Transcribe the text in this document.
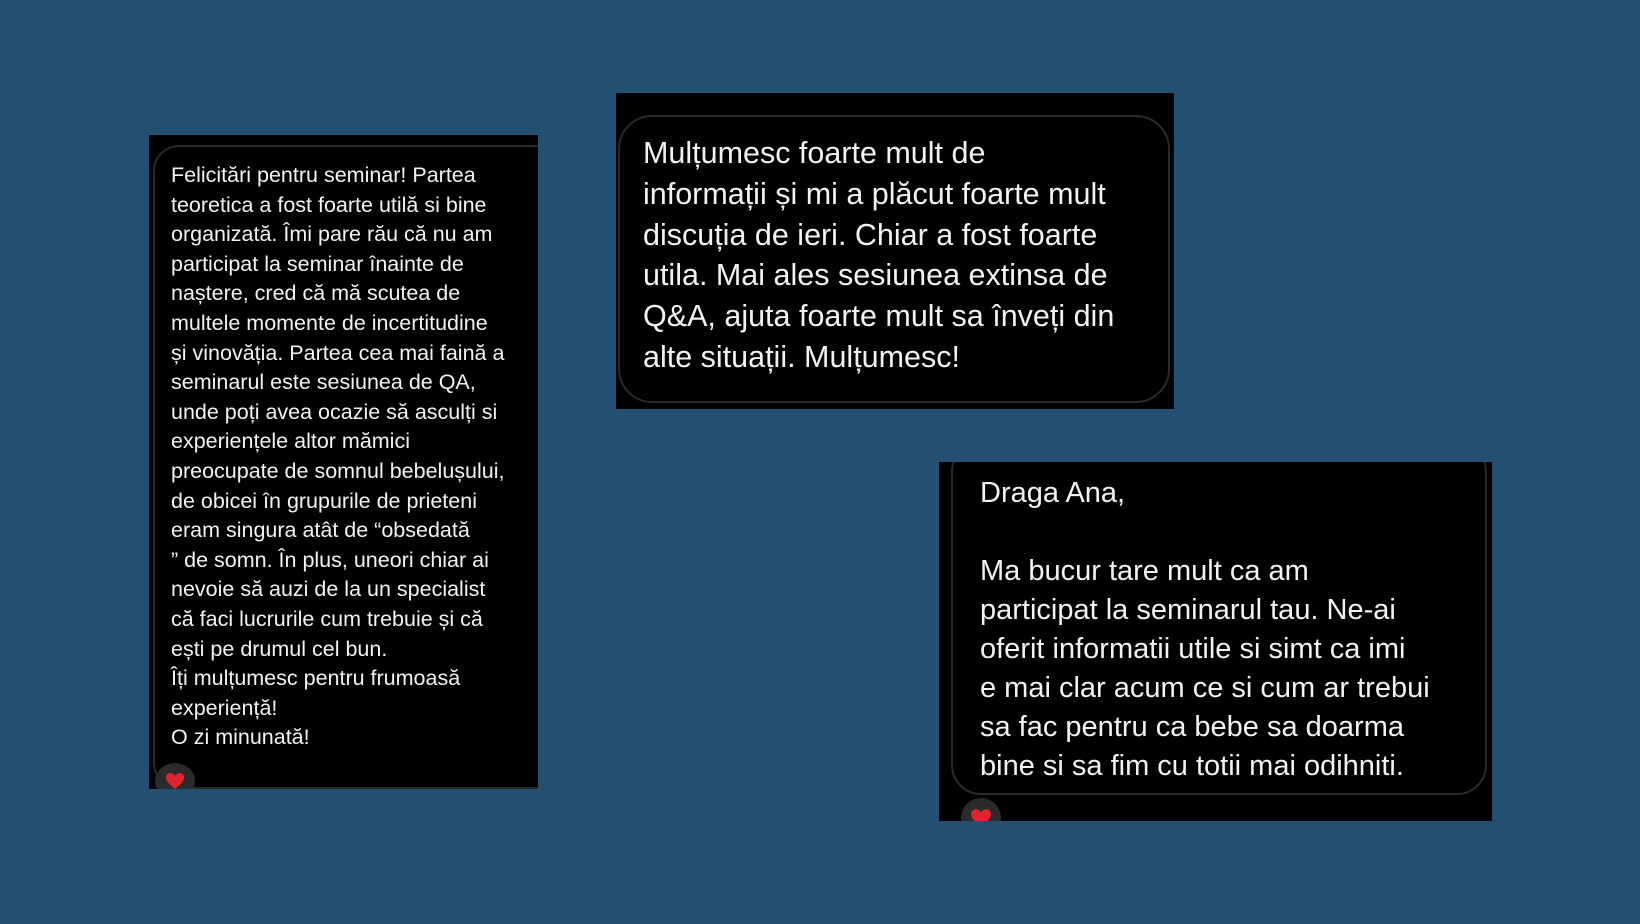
Felicitări pentru seminar! Partea
teoretica a fost foarte utilă si bine
organizată. Îmi pare rău că nu am
participat la seminar înainte de
naștere, cred că mă scutea de
multele momente de incertitudine
și vinovăția. Partea cea mai faină a
seminarul este sesiunea de QA,
unde poți avea ocazie să asculți si
experiențele altor mămici
preocupate de somnul bebelușului,
de obicei în grupurile de prieteni
eram singura atât de “obsedată
” de somn. În plus, uneori chiar ai
nevoie să auzi de la un specialist
că faci lucrurile cum trebuie și că
ești pe drumul cel bun.
Îți mulțumesc pentru frumoasă
experiență!
O zi minunată!

Mulțumesc foarte mult de
informații și mi a plăcut foarte mult
discuția de ieri. Chiar a fost foarte
utila. Mai ales sesiunea extinsa de
Q&A, ajuta foarte mult sa înveți din
alte situații. Mulțumesc!

Draga Ana,

Ma bucur tare mult ca am
participat la seminarul tau. Ne-ai
oferit informatii utile si simt ca imi
e mai clar acum ce si cum ar trebui
sa fac pentru ca bebe sa doarma
bine si sa fim cu totii mai odihniti.
